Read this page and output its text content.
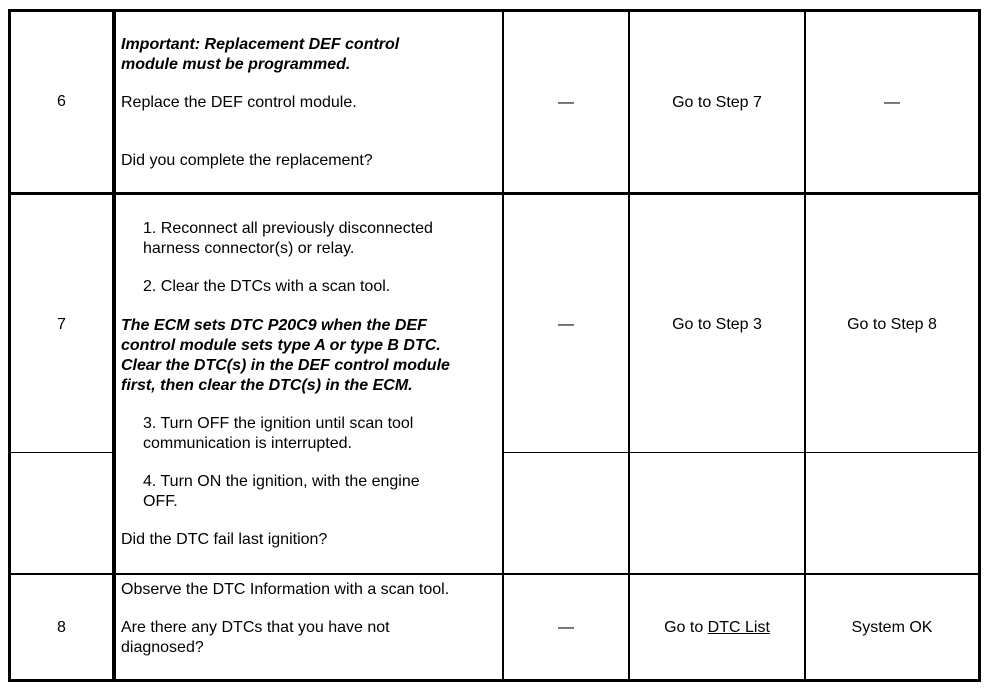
6
Important: Replacement DEF control
module must be programmed.
Replace the DEF control module.
Did you complete the replacement?
—	Go to Step 7	—
7
1. Reconnect all previously disconnected
harness connector(s) or relay.
2. Clear the DTCs with a scan tool.
The ECM sets DTC P20C9 when the DEF
control module sets type A or type B DTC.
Clear the DTC(s) in the DEF control module
first, then clear the DTC(s) in the ECM.
3. Turn OFF the ignition until scan tool
communication is interrupted.
4. Turn ON the ignition, with the engine
OFF.
Did the DTC fail last ignition?
—	Go to Step 3	Go to Step 8
8
Observe the DTC Information with a scan tool.
Are there any DTCs that you have not
diagnosed?
—	Go to DTC List	System OK
